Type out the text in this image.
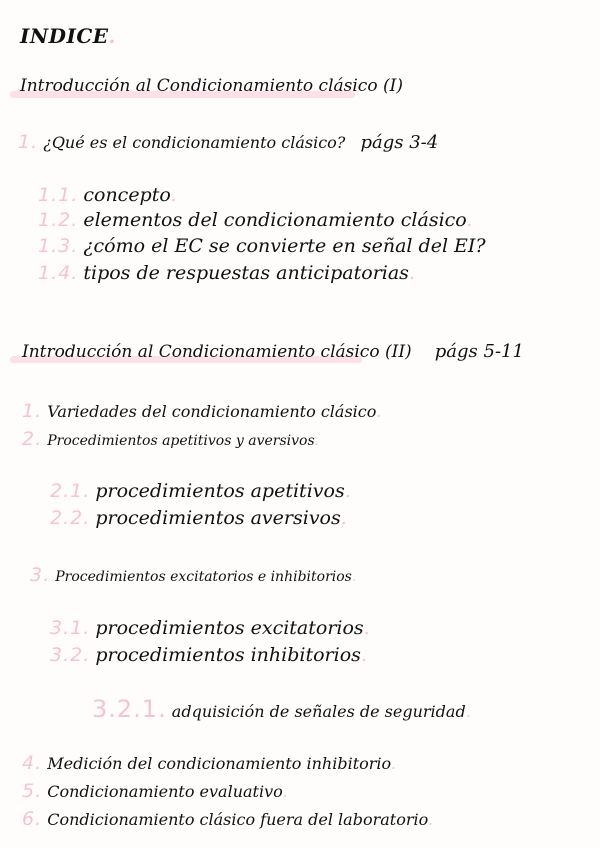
INDICE.
Introducción al Condicionamiento clásico (I)
1. ¿Qué es el condicionamiento clásico? págs 3-4
1.1. concepto.
1.2. elementos del condicionamiento clásico.
1.3. ¿cómo el EC se convierte en señal del EI?
1.4. tipos de respuestas anticipatorias.
Introducción al Condicionamiento clásico (II) págs 5-11
1. Variedades del condicionamiento clásico.
2. Procedimientos apetitivos y aversivos.
2.1. procedimientos apetitivos.
2.2. procedimientos aversivos.
3. Procedimientos excitatorios e inhibitorios.
3.1. procedimientos excitatorios.
3.2. procedimientos inhibitorios.
3.2.1. adquisición de señales de seguridad.
4. Medición del condicionamiento inhibitorio.
5. Condicionamiento evaluativo.
6. Condicionamiento clásico fuera del laboratorio.
